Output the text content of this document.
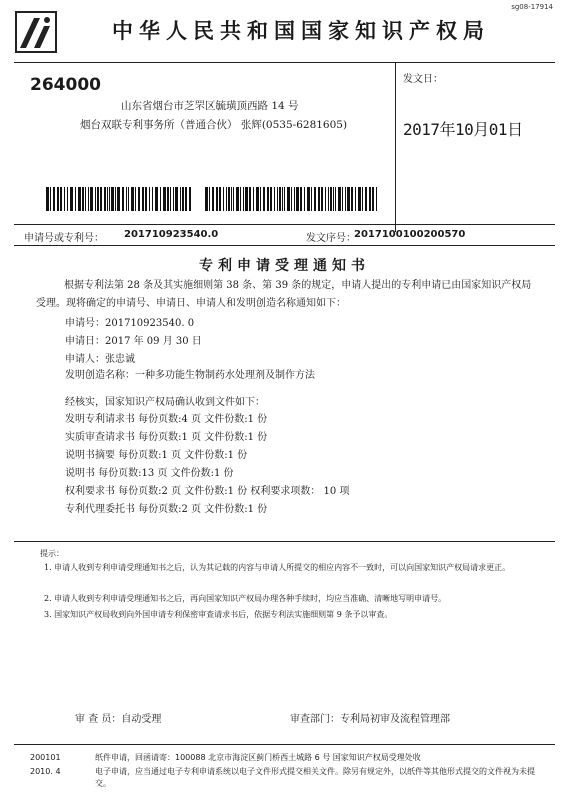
sg08-17914
中华人民共和国国家知识产权局
264000
山东省烟台市芝罘区毓璜顶西路 14 号
烟台双联专利事务所（普通合伙） 张辉(0535-6281605)
发文日：
2017年10月01日
申请号或专利号： 201710923540.0	发文序号：
2017100100200570
专利申请受理通知书
根据专利法第 28 条及其实施细则第 38 条、第 39 条的规定，申请人提出的专利申请已由国家知识产权局受理。现将确定的申请号、申请日、申请人和发明创造名称通知如下：
申请号：201710923540. 0
申请日：2017 年 09 月 30 日
申请人：张忠诚
发明创造名称：一种多功能生物制药水处理剂及制作方法
经核实，国家知识产权局确认收到文件如下：
发明专利请求书 每份页数:4 页 文件份数:1 份
实质审查请求书 每份页数:1 页 文件份数:1 份
说明书摘要 每份页数:1 页 文件份数:1 份
说明书 每份页数:13 页 文件份数:1 份
权利要求书 每份页数:2 页 文件份数:1 份 权利要求项数： 10 项
专利代理委托书 每份页数:2 页 文件份数:1 份
提示：
1. 申请人收到专利申请受理通知书之后，认为其记载的内容与申请人所提交的相应内容不一致时，可以向国家知识产权局请求更正。
2. 申请人收到专利申请受理通知书之后，再向国家知识产权局办理各种手续时，均应当准确、清晰地写明申请号。
3. 国家知识产权局收到向外国申请专利保密审查请求书后，依据专利法实施细则第 9 条予以审查。
审 查 员：自动受理	审查部门：专利局初审及流程管理部
200101
2010. 4
纸件申请，回函请寄：100088 北京市海淀区蓟门桥西土城路 6 号 国家知识产权局受理处收
电子申请，应当通过电子专利申请系统以电子文件形式提交相关文件。除另有规定外，以纸件等其他形式提交的文件视为未提交。
